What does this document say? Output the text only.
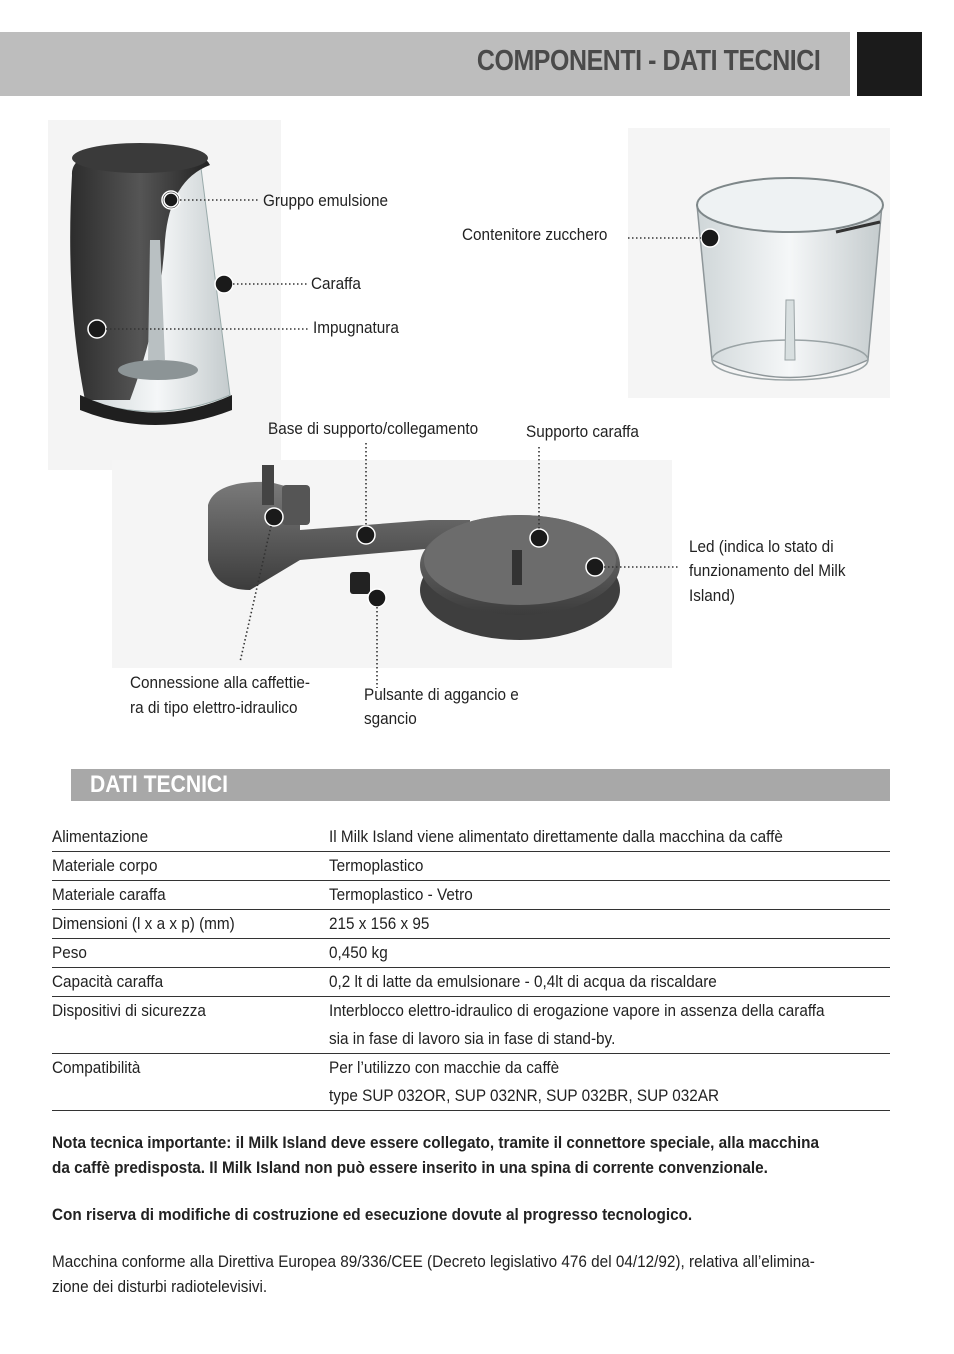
COMPONENTI - DATI TECNICI
Gruppo emulsione
Caraffa
Impugnatura
Contenitore zucchero
Base di supporto/collegamento	Supporto caraffa
Led (indica lo stato di
funzionamento del Milk
Island)
Connessione alla caffettie-
ra di tipo elettro-idraulico
Pulsante di aggancio e
sgancio
DATI TECNICI
Alimentazione	Il Milk Island viene alimentato direttamente dalla macchina da caffè

Materiale corpo	Termoplastico

Materiale caraffa	Termoplastico - Vetro

Dimensioni (l x a x p) (mm)	215 x 156 x 95

Peso	0,450 kg

Capacità caraffa	0,2 lt di latte da emulsionare - 0,4lt di acqua da riscaldare

Dispositivi di sicurezza	Interblocco elettro-idraulico di erogazione vapore in assenza della caraffa
sia in fase di lavoro sia in fase di stand-by.

Compatibilità	Per l’utilizzo con macchie da caffè
type SUP 032OR, SUP 032NR, SUP 032BR, SUP 032AR
Nota tecnica importante: il Milk Island deve essere collegato, tramite il connettore speciale, alla macchina
da caffè predisposta. Il Milk Island non può essere inserito in una spina di corrente convenzionale.
Con riserva di modifiche di costruzione ed esecuzione dovute al progresso tecnologico.
Macchina conforme alla Direttiva Europea 89/336/CEE (Decreto legislativo 476 del 04/12/92), relativa all’elimina-
zione dei disturbi radiotelevisivi.
